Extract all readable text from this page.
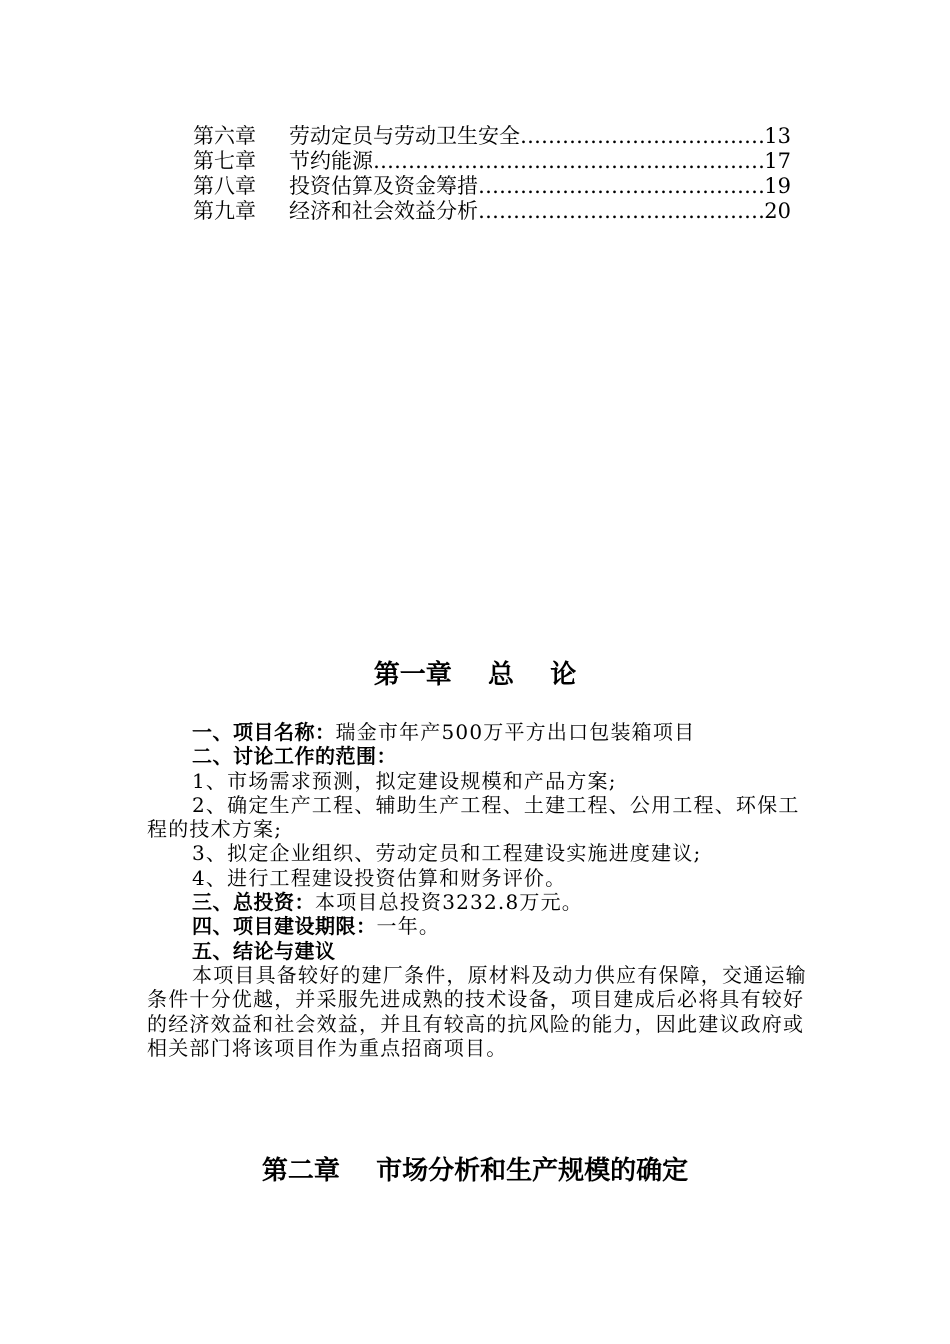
第六章	劳动定员与劳动卫生安全 ……………………………………………………………………………………………………	13
第七章	节约能源 ……………………………………………………………………………………………………	17
第八章	投资估算及资金筹措 ……………………………………………………………………………………………………	19
第九章	经济和社会效益分析 ……………………………………………………………………………………………………	20
第一章    总    论

一、项目名称：瑞金市年产500万平方出口包装箱项目

二、讨论工作的范围：

1、市场需求预测，拟定建设规模和产品方案;

2、确定生产工程、辅助生产工程、土建工程、公用工程、环保工程的技术方案;

3、拟定企业组织、劳动定员和工程建设实施进度建议;

4、进行工程建设投资估算和财务评价。

三、总投资：本项目总投资3232.8万元。

四、项目建设期限：一年。

五、结论与建议

本项目具备较好的建厂条件，原材料及动力供应有保障，交通运输条件十分优越，并采服先进成熟的技术设备，项目建成后必将具有较好的经济效益和社会效益，并且有较高的抗风险的能力，因此建议政府或相关部门将该项目作为重点招商项目。

第二章    市场分析和生产规模的确定
